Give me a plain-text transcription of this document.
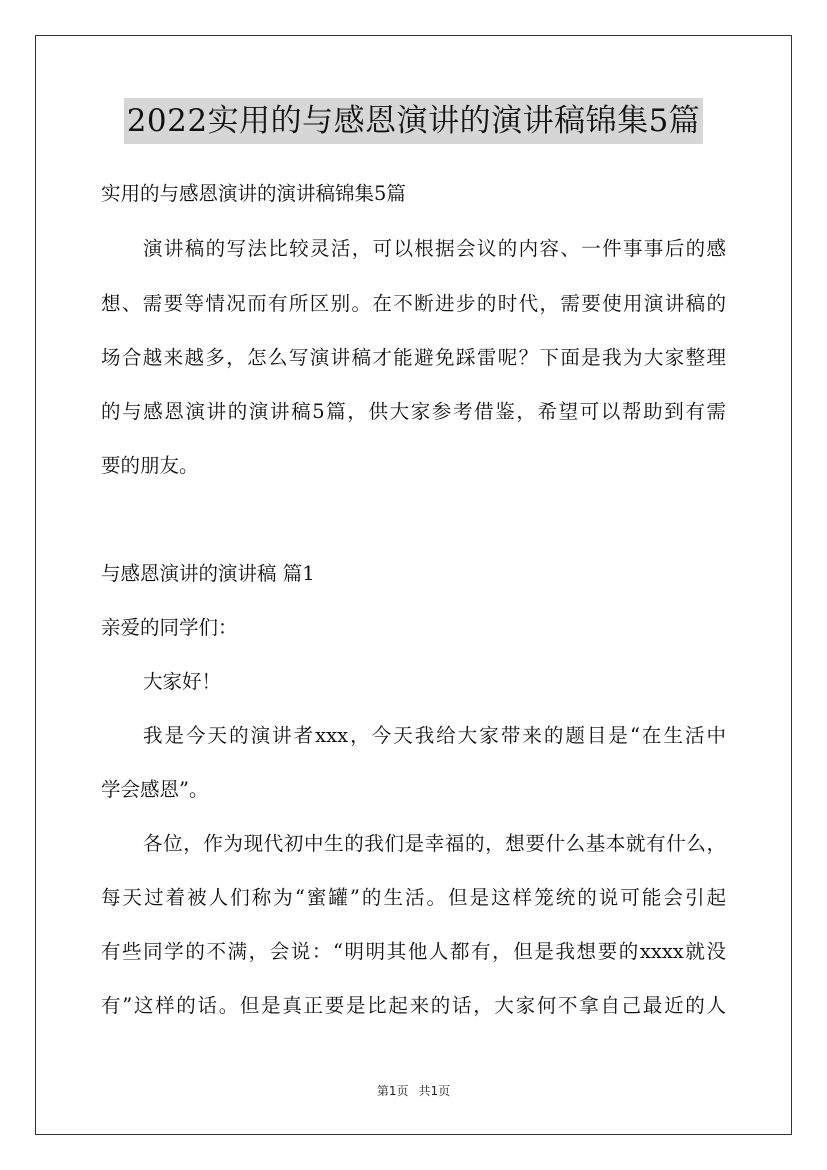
2022实用的与感恩演讲的演讲稿锦集5篇
实用的与感恩演讲的演讲稿锦集5篇
演讲稿的写法比较灵活，可以根据会议的内容、一件事事后的感
想、需要等情况而有所区别。在不断进步的时代，需要使用演讲稿的
场合越来越多，怎么写演讲稿才能避免踩雷呢？下面是我为大家整理
的与感恩演讲的演讲稿5篇，供大家参考借鉴，希望可以帮助到有需
要的朋友。
与感恩演讲的演讲稿 篇1
亲爱的同学们：
大家好！
我是今天的演讲者xxx，今天我给大家带来的题目是“在生活中
学会感恩”。
各位，作为现代初中生的我们是幸福的，想要什么基本就有什么，
每天过着被人们称为“蜜罐”的生活。但是这样笼统的说可能会引起
有些同学的不满，会说：“明明其他人都有，但是我想要的xxxx就没
有”这样的话。但是真正要是比起来的话，大家何不拿自己最近的人
第1页 共1页
